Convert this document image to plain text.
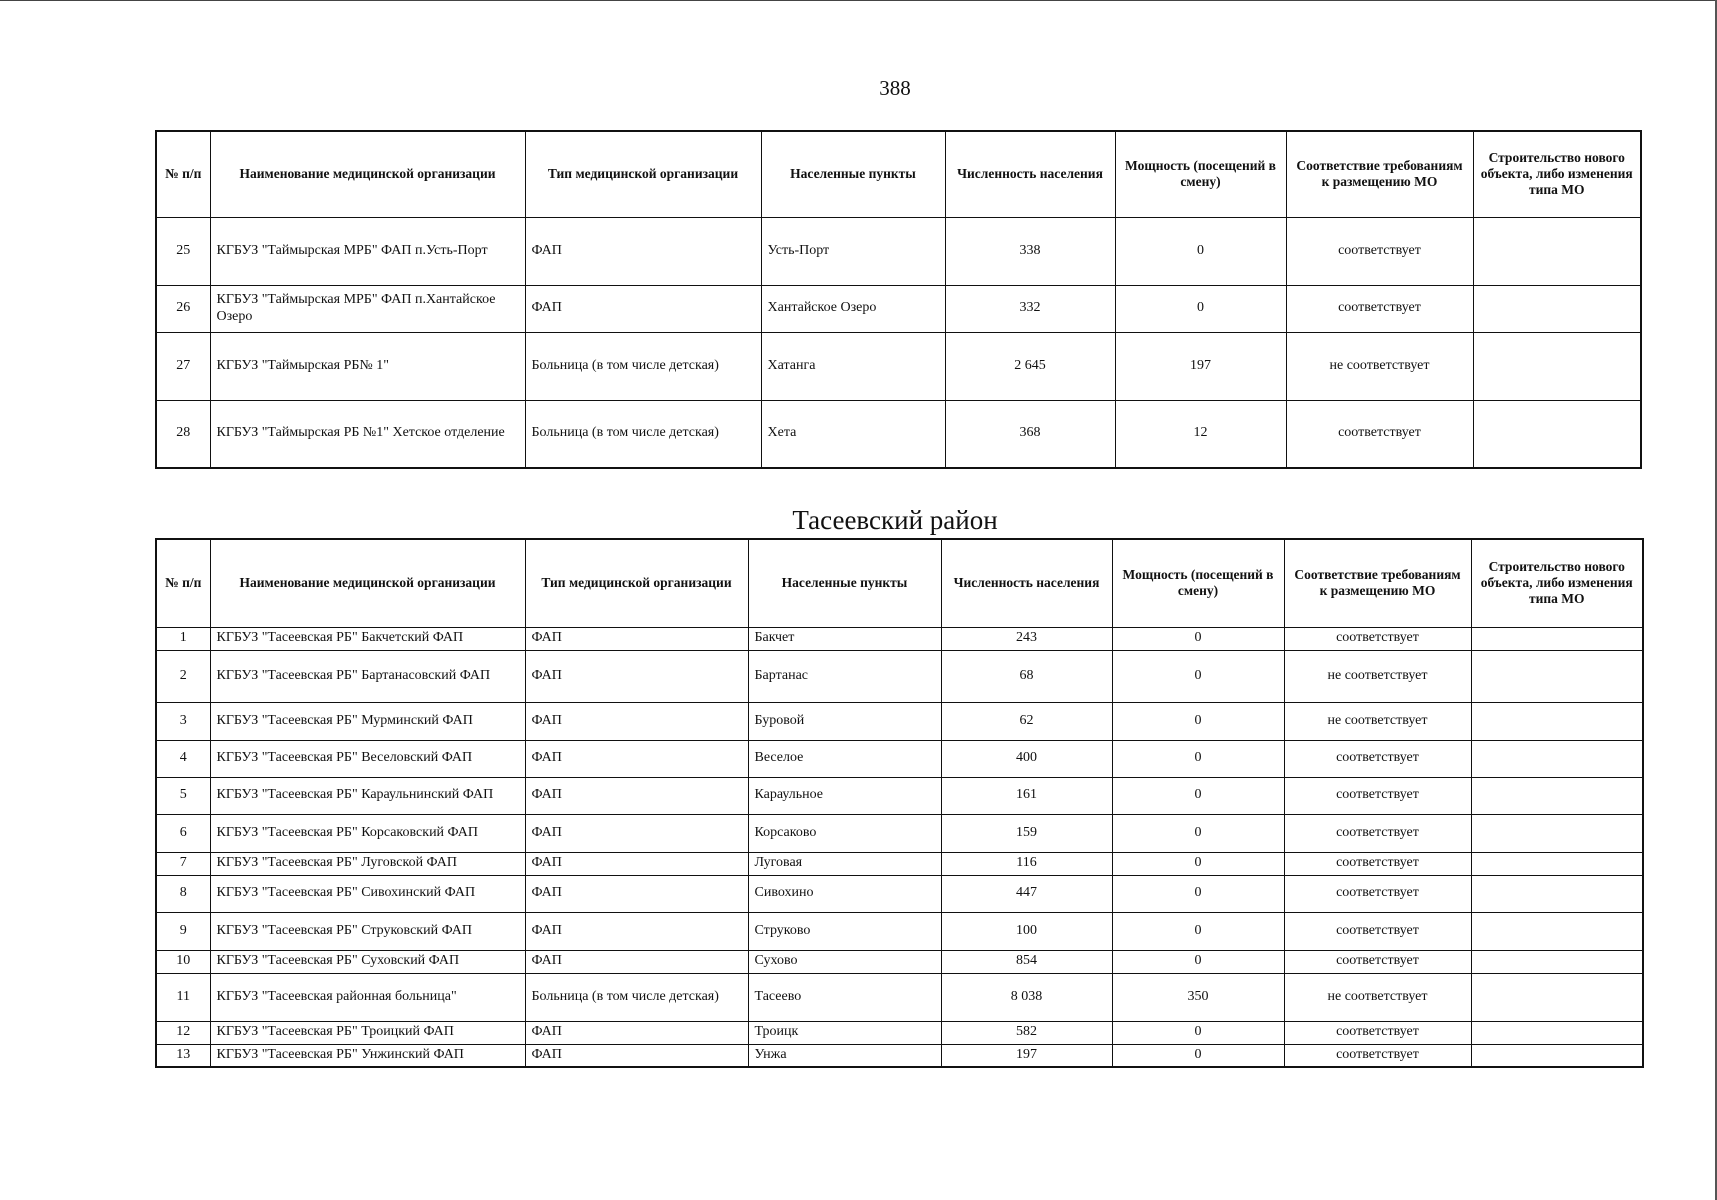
388
№ п/п	Наименование медицинской организации	Тип медицинской организации	Населенные пункты	Численность населения	Мощность (посещений в смену)	Соответствие требованиям к размещению МО	Строительство нового объекта, либо изменения типа МО
25	КГБУЗ "Таймырская МРБ" ФАП п.Усть-Порт	ФАП	Усть-Порт	338	0	соответствует	
26	КГБУЗ "Таймырская МРБ" ФАП п.Хантайское Озеро	ФАП	Хантайское Озеро	332	0	соответствует	
27	КГБУЗ "Таймырская РБ№ 1"	Больница (в том числе детская)	Хатанга	2 645	197	не соответствует	
28	КГБУЗ "Таймырская РБ №1" Хетское отделение	Больница (в том числе детская)	Хета	368	12	соответствует	
Тасеевский район
№ п/п	Наименование медицинской организации	Тип медицинской организации	Населенные пункты	Численность населения	Мощность (посещений в смену)	Соответствие требованиям к размещению МО	Строительство нового объекта, либо изменения типа МО
1	КГБУЗ "Тасеевская РБ" Бакчетский ФАП	ФАП	Бакчет	243	0	соответствует	
2	КГБУЗ "Тасеевская РБ" Бартанасовский ФАП	ФАП	Бартанас	68	0	не соответствует	
3	КГБУЗ "Тасеевская РБ" Мурминский ФАП	ФАП	Буровой	62	0	не соответствует	
4	КГБУЗ "Тасеевская РБ" Веселовский ФАП	ФАП	Веселое	400	0	соответствует	
5	КГБУЗ "Тасеевская РБ" Караульнинский ФАП	ФАП	Караульное	161	0	соответствует	
6	КГБУЗ "Тасеевская РБ" Корсаковский ФАП	ФАП	Корсаково	159	0	соответствует	
7	КГБУЗ "Тасеевская РБ" Луговской ФАП	ФАП	Луговая	116	0	соответствует	
8	КГБУЗ "Тасеевская РБ" Сивохинский ФАП	ФАП	Сивохино	447	0	соответствует	
9	КГБУЗ "Тасеевская РБ" Струковский ФАП	ФАП	Струково	100	0	соответствует	
10	КГБУЗ "Тасеевская РБ" Суховский ФАП	ФАП	Сухово	854	0	соответствует	
11	КГБУЗ "Тасеевская районная больница"	Больница (в том числе детская)	Тасеево	8 038	350	не соответствует	
12	КГБУЗ "Тасеевская РБ" Троицкий ФАП	ФАП	Троицк	582	0	соответствует	
13	КГБУЗ "Тасеевская РБ" Унжинский ФАП	ФАП	Унжа	197	0	соответствует	
